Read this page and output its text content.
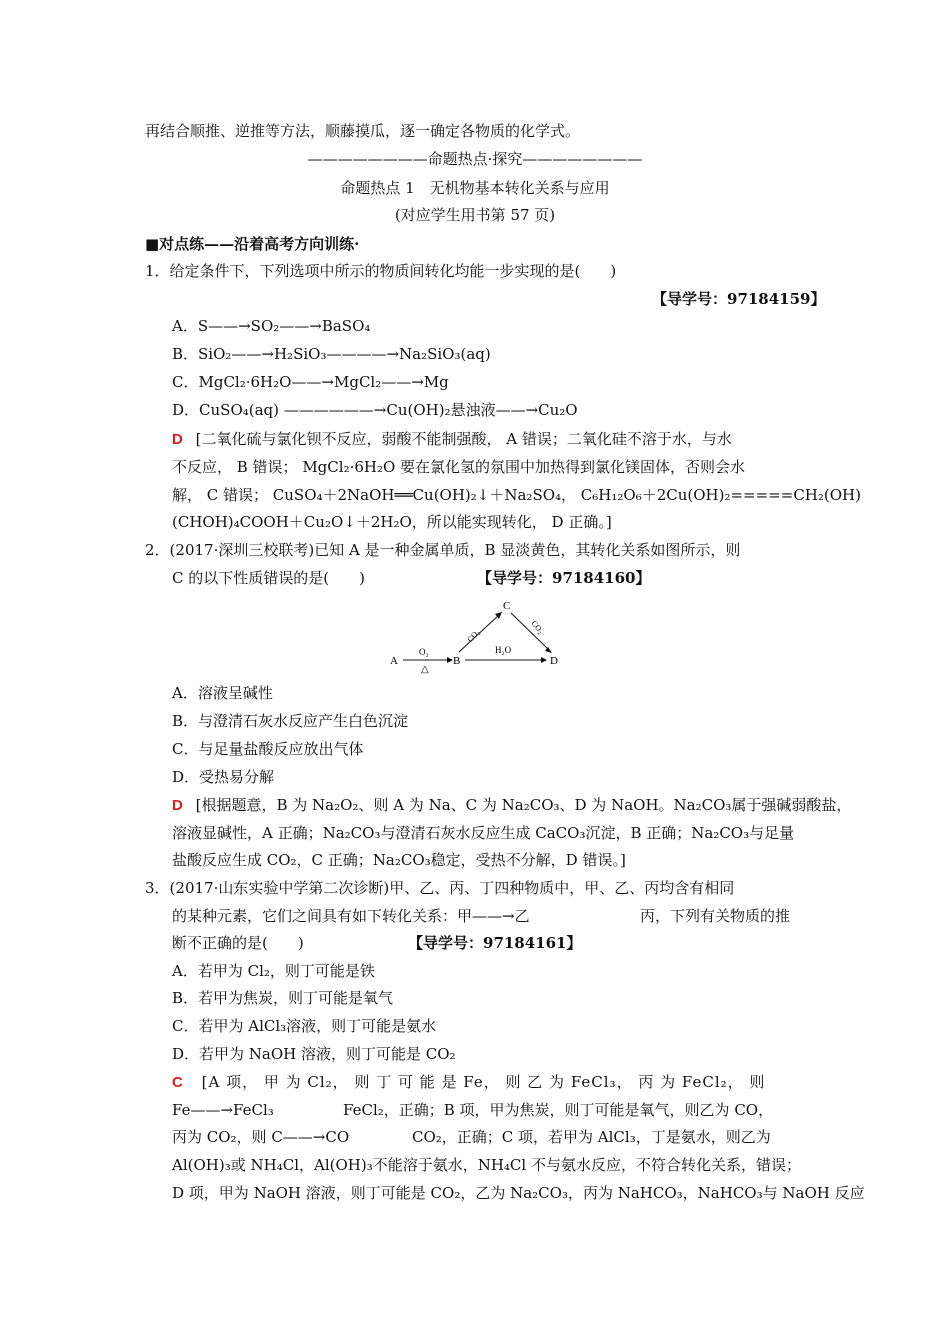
再结合顺推、逆推等方法，顺藤摸瓜，逐一确定各物质的化学式。
————————命题热点·探究————————
命题热点 1　无机物基本转化关系与应用
(对应学生用书第 57 页)
■对点练——沿着高考方向训练·
1．给定条件下，下列选项中所示的物质间转化均能一步实现的是(　　)
【导学号：97184159】
A．S——→SO₂——→BaSO₄
B．SiO₂——→H₂SiO₃————→Na₂SiO₃(aq)
C．MgCl₂·6H₂O——→MgCl₂——→Mg
D．CuSO₄(aq) ——————→Cu(OH)₂悬浊液——→Cu₂O
D [二氧化硫与氯化钡不反应，弱酸不能制强酸， A 错误；二氧化硅不溶于水，与水
不反应， B 错误； MgCl₂·6H₂O 要在氯化氢的氛围中加热得到氯化镁固体，否则会水
解， C 错误； CuSO₄＋2NaOH══Cu(OH)₂↓＋Na₂SO₄， C₆H₁₂O₆＋2Cu(OH)₂=====CH₂(OH)
(CHOH)₄COOH＋Cu₂O↓＋2H₂O，所以能实现转化， D 正确。]
2．(2017·深圳三校联考)已知 A 是一种金属单质，B 显淡黄色，其转化关系如图所示，则
C 的以下性质错误的是(　　)	【导学号：97184160】
A	B
C
D
O₂
△
H₂O
CO₂
CO₂
A．溶液呈碱性
B．与澄清石灰水反应产生白色沉淀
C．与足量盐酸反应放出气体
D．受热易分解
D [根据题意，B 为 Na₂O₂、则 A 为 Na、C 为 Na₂CO₃、D 为 NaOH。Na₂CO₃属于强碱弱酸盐，
溶液显碱性，A 正确；Na₂CO₃与澄清石灰水反应生成 CaCO₃沉淀，B 正确；Na₂CO₃与足量
盐酸反应生成 CO₂，C 正确；Na₂CO₃稳定，受热不分解，D 错误。]
3．(2017·山东实验中学第二次诊断)甲、乙、丙、丁四种物质中，甲、乙、丙均含有相同
的某种元素，它们之间具有如下转化关系：甲——→乙	丙，下列有关物质的推
断不正确的是(　　)	【导学号：97184161】
A．若甲为 Cl₂，则丁可能是铁
B．若甲为焦炭，则丁可能是氧气
C．若甲为 AlCl₃溶液，则丁可能是氨水
D．若甲为 NaOH 溶液，则丁可能是 CO₂
C [A 项， 甲 为 Cl₂， 则 丁 可 能 是 Fe， 则 乙 为 FeCl₃， 丙 为 FeCl₂， 则
Fe——→FeCl₃	FeCl₂，正确；B 项，甲为焦炭，则丁可能是氧气，则乙为 CO，
丙为 CO₂，则 C——→CO	CO₂，正确；C 项，若甲为 AlCl₃，丁是氨水，则乙为
Al(OH)₃或 NH₄Cl，Al(OH)₃不能溶于氨水，NH₄Cl 不与氨水反应，不符合转化关系，错误；
D 项，甲为 NaOH 溶液，则丁可能是 CO₂，乙为 Na₂CO₃，丙为 NaHCO₃，NaHCO₃与 NaOH 反应
